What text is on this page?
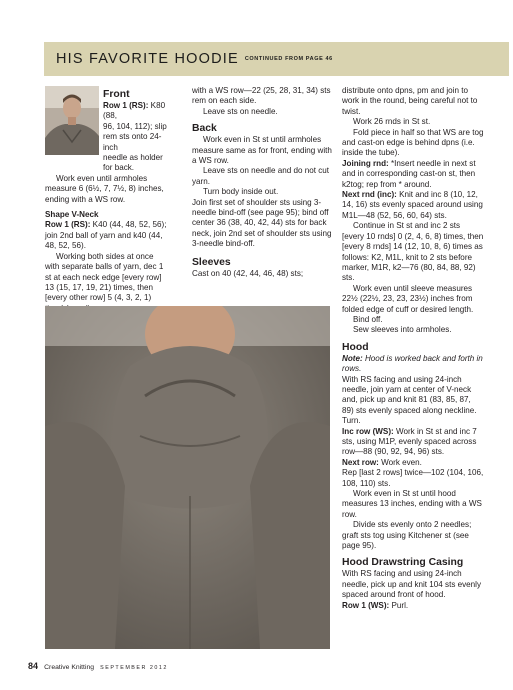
HIS FAVORITE HOODIE CONTINUED FROM PAGE 46

Front

Row 1 (RS): K80 (88,

96, 104, 112); slip

rem sts onto 24-inch

needle as holder

for back.

Work even until armholes measure 6 (6½, 7, 7½, 8) inches, ending with a WS row.

Shape V-Neck

Row 1 (RS): K40 (44, 48, 52, 56); join 2nd ball of yarn and k40 (44, 48, 52, 56).

Working both sides at once with separate balls of yarn, dec 1 st at each neck edge [every row] 13 (15, 17, 19, 21) times, then [every other row] 5 (4, 3, 2, 1)

with a WS row—22 (25, 28, 31, 34) sts rem on each side.

Leave sts on needle.

Back

Work even in St st until armholes measure same as for front, ending with a WS row.

Leave sts on needle and do not cut yarn.

Turn body inside out.

Join first set of shoulder sts using 3-needle bind-off (see page 95); bind off center 36 (38, 40, 42, 44) sts for back neck, join 2nd set of shoulder sts using 3-needle bind-off.

Sleeves

Cast on 40 (42, 44, 46, 48) sts;

distribute onto dpns, pm and join to work in the round, being careful not to twist.

Work 26 rnds in St st.

Fold piece in half so that WS are tog and cast-on edge is behind dpns (i.e. inside the tube).

Joining rnd: *Insert needle in next st and in corresponding cast-on st, then k2tog; rep from * around.

Next rnd (inc): Knit and inc 8 (10, 12, 14, 16) sts evenly spaced around using M1L—48 (52, 56, 60, 64) sts.

Continue in St st and inc 2 sts [every 10 rnds] 0 (2, 4, 6, 8) times, then [every 8 rnds] 14 (12, 10, 8, 6) times as follows: K2, M1L, knit to 2 sts before marker, M1R, k2—76 (80, 84, 88, 92) sts.

Work even until sleeve measures 22½ (22½, 23, 23, 23½) inches from folded edge of cuff or desired length.

Bind off.

Sew sleeves into armholes.

Hood

Note: Hood is worked back and forth in rows.

With RS facing and using 24-inch needle, join yarn at center of V-neck and, pick up and knit 81 (83, 85, 87, 89) sts evenly spaced along neckline. Turn.

Inc row (WS): Work in St st and inc 7 sts, using M1P, evenly spaced across row—88 (90, 92, 94, 96) sts.

Next row: Work even.

Rep [last 2 rows] twice—102 (104, 106, 108, 110) sts.

Work even in St st until hood measures 13 inches, ending with a WS row.

Divide sts evenly onto 2 needles; graft sts tog using Kitchener st (see page 95).

Hood Drawstring Casing

With RS facing and using 24-inch needle, pick up and knit 104 sts evenly spaced around front of hood.

Row 1 (WS): Purl.

84 Creative Knitting SEPTEMBER 2012
